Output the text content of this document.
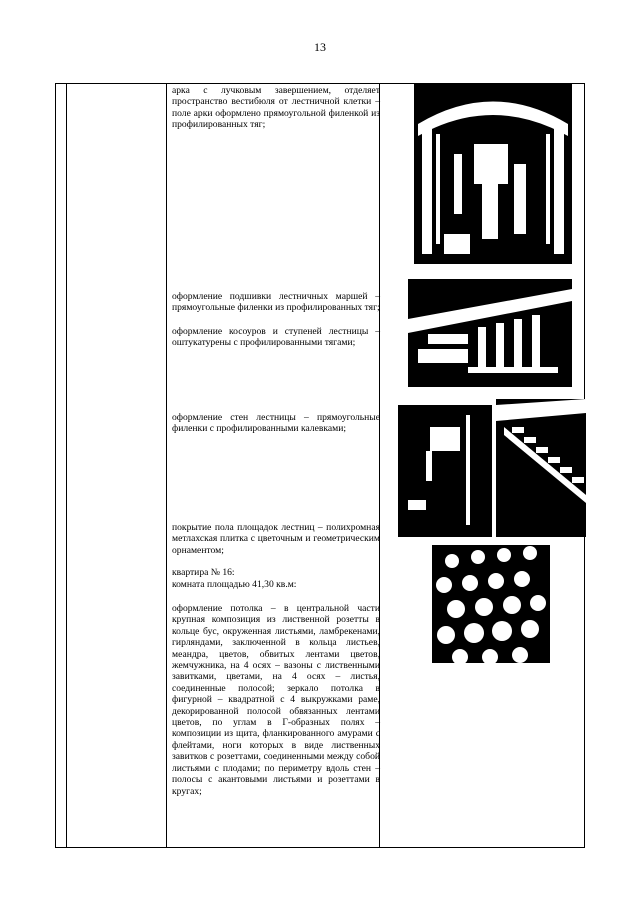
13

арка с лучковым завершением, отделяет пространство вестибюля от лестничной клетки – поле арки оформлено прямоугольной филенкой из профилированных тяг;

оформление подшивки лестничных маршей – прямоугольные филенки из профилированных тяг;

оформление косоуров и ступеней лестницы – оштукатурены с профилированными тягами;

оформление стен лестницы – прямоугольные филенки с профилированными калевками;

покрытие пола площадок лестниц – полихромная метлахская плитка с цветочным и геометрическим орнаментом;

квартира № 16:

комната площадью 41,30 кв.м:

оформление потолка – в центральной части крупная композиция из лиственной розетты в кольце бус, окруженная листьями, ламбрекенами, гирляндами, заключенной в кольца листьев, меандра, цветов, обвитых лентами цветов, жемчужника, на 4 осях – вазоны с лиственными завитками, цветами, на 4 осях – листья, соединенные полосой; зеркало потолка в фигурной – квадратной с 4 выкружками раме, декорированной полосой обвязанных лентами цветов, по углам в Г-образных полях – композиции из щита, фланкированного амурами с флейтами, ноги которых в виде лиственных завитков с розеттами, соединенными между собой листьями с плодами; по периметру вдоль стен – полосы с акантовыми листьями и розеттами в кругах;
